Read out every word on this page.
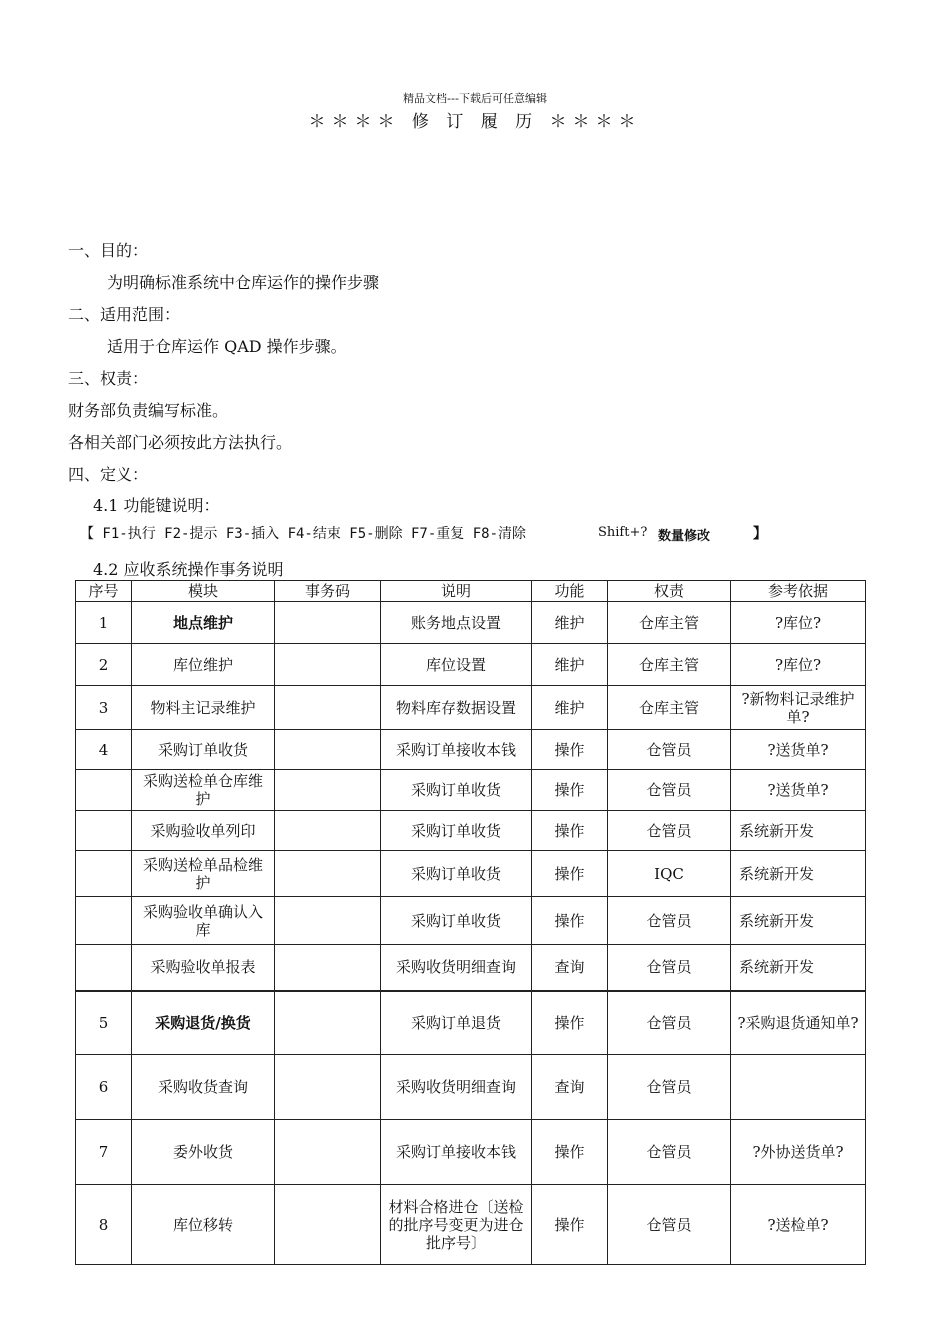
精品文档---下载后可任意编辑
＊＊＊＊ 修 订 履 历 ＊＊＊＊
一、目的：
为明确标准系统中仓库运作的操作步骤
二、适用范围：
适用于仓库运作 QAD 操作步骤。
三、权责：
财务部负责编写标准。
各相关部门必须按此方法执行。
四、定义：
4.1 功能键说明：
【 F1-执行 F2-提示 F3-插入 F4-结束 F5-删除 F7-重复 F8-清除	Shift+? 数量修改	】
4.2 应收系统操作事务说明
序号	模块	事务码	说明	功能	权责	参考依据
1	地点维护		账务地点设置	维护	仓库主管	?库位?
2	库位维护		库位设置	维护	仓库主管	?库位?
3	物料主记录维护		物料库存数据设置	维护	仓库主管	?新物料记录维护单?
4	采购订单收货		采购订单接收本钱	操作	仓管员	?送货单?
	采购送检单仓库维护		采购订单收货	操作	仓管员	?送货单?
	采购验收单列印		采购订单收货	操作	仓管员	系统新开发
	采购送检单品检维护		采购订单收货	操作	IQC	系统新开发
	采购验收单确认入库		采购订单收货	操作	仓管员	系统新开发
	采购验收单报表		采购收货明细查询	查询	仓管员	系统新开发
5	采购退货/换货		采购订单退货	操作	仓管员	?采购退货通知单?
6	采购收货查询		采购收货明细查询	查询	仓管员	
7	委外收货		采购订单接收本钱	操作	仓管员	?外协送货单?
8	库位移转		材料合格进仓〔送检的批序号变更为进仓批序号〕	操作	仓管员	?送检单?
